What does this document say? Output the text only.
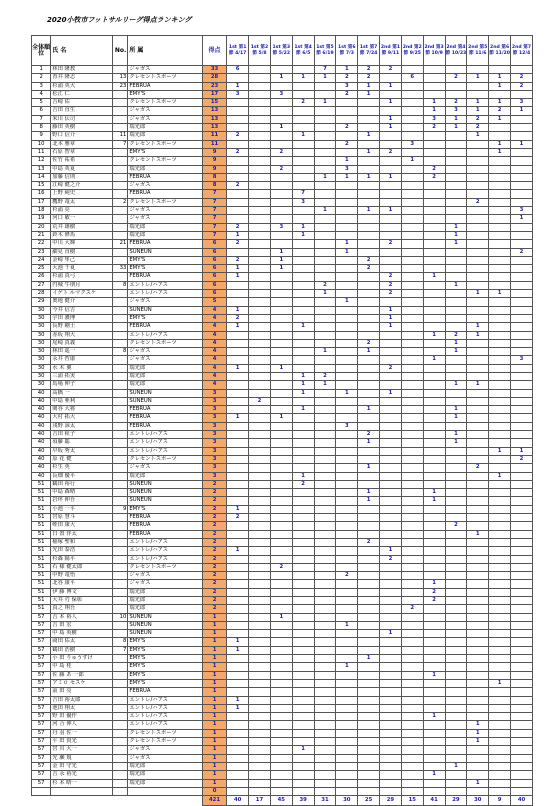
2020小牧市フットサルリーグ得点ランキング
全体順位	氏 名	No.	所 属	得点	1st 第1節 4/17	1st 第2節 5/8	1st 第3節 5/22	1st 第4節 6/5	1st 第5節 6/19	1st 第6節 7/3	1st 第7節 7/24	2nd 第1節 9/11	2nd 第2節 9/25	2nd 第3節 10/9	2nd 第4節 10/23	2nd 第5節 11/6	2nd 第6節 11/20	2nd 第7節 12/4
1	林田 隆教		ジャガス	33	6				7	1	2	2						
2	青井 隆志	13	クレセントスポーツ	28			1	1	1	2	2		6		2	1	1	2
3	杉浦 英大	23	FEBRUA	23	1					3	1	1					1	2
4	松江 仁		EMY'S	17	3		3			2	1							
5	吉崎 佑		クレセントスポーツ	15				2	1			1		1	2	1	1	3
6	吉田 直生		ジャガス	13										1	3	1	2	1
7	米川 伝司		ジャガス	13								1		3	1	2	1	
8	藤田 英樹		瑞光郎	13			1			2		1		2	1	2		
9	野口 信介	11	瑞光郎	11	2			1			1					1		
10	北本 雅章	7	クレセントスポーツ	11						2			3				1	1
11	石原 智章		EMY'S	9	2		2				1	2					1	
12	佐竹 祐希		クレセントスポーツ	9						1			1					
13	中島 英夏		瑞光郎	9			2			3				2				
14	加藤 信則		FEBRUA	8					1	1	1	1		2				
15	江崎 健之介		ジャガス	8	2													
16	上野 純史		FEBRUA	7				7										
17	鷹野 竜太	2	クレセントスポーツ	7				3								2		
18	杉浦 亮		ジャガス	7					1		1	1						3
19	河口 敏一		ジャガス	7														1
20	荒井 雄樹		瑞光郎	7	2		3	1							1			
21	鈴木 修馬		瑞光郎	7	1			1							1			
22	中川 大輝	21	FEBRUA	6	2					1		2			1			
23	細見 直樹		SUNEUN	6			1			1								2
24	金崎 隼己		EMY'S	6	2		1				2							
25	大池 千夏	33	EMY'S	6	1		1				2							
26	杉浦 真弓		FEBRUA	6	1							2		1				
27	円城 牛朋月	8	エントレ/ハアス	6					2			2			1			
28	イゲト ルマクスケ		エントレ/ハアス	6					1			2				1	1	
29	奥地 健介		ジャガス	5						1								
30	今井 信吉		SUNEUN	4	1							1						
30	宇田 護博		EMY'S	4	2							1						
30	長野 剛士		FEBRUA	4	1			1				1				1		
30	赤坂 翔大		エントレ/ハアス	4										1	2	1		
30	尾崎 真義		クレセントスポーツ	4							2				1			
30	林田 遥一	8	ジャガス	4					1		1				1			
30	永井 哲康		ジャガス	4										1				3
30	水 木 翼		瑞光郎	4	1		1					2						
30	三浦 拓実		瑞光郎	4				1	2									
30	馬場 伸子		瑞光郎	4				1	1						1	1		
40	高橋 一		SUNEUN	3				1		1		1						
40	中島 亜利		SUNEUN	3		2												
40	関谷 大将		FEBRUA	3				1			1				1			
40	大村 拓大		FEBRUA	3	1		1								1			
40	浅野 諒太		FEBRUA	3						3								
40	吉田 柾子		エントレ/ハアス	3							2				1			
40	須藤 聡		エントレ/ハアス	3							1				1			
40	早坂 秀太		エントレ/ハアス	3													1	1
40	原 花 健		クレセントスポーツ	3														2
40	杉生 英		ジャガス	3							1					2		
40	長畑 優平		瑞光郎	3				1									1	
51	鶴田 裕行		SUNEUN	2				2										
51	中島 森晴		SUNEUN	2							1			1				
51	岩坪 伸吾		SUNEUN	2							1			1				
51	小池 一平	9	EMY'S	2	1													
51	宮原 慧斗		FEBRUA	2	2													
51	蛭田 康大		FEBRUA	2											2			
51	日 置 伴太		FEBRUA	2												1		
51	稲塚 聖和		エントレ/ハアス	2							2							
51	光田 泰浩		エントレ/ハアス	2	1							1						
51	杉森 陽平		エントレ/ハアス	2								2						
51	石 様 健太郎		クレセントスポーツ	2			2											
51	中野 竜悟		ジャガス	2						2								
51	北谷 康平		ジャガス	2										1				
51	伊 藤 博文		瑞光郎	2										2				
51	大井 刃 保彰		瑞光郎	2										2				
51	真之 翔吾		瑞光郎	2									2					
57	吉 本 裕人	10	SUNEUN	1			1											
57	吉 田 宏		SUNEUN	1						1								
57	中 島 英樹		SUNEUN	1								1						
57	岡田 佑太	8	EMY'S	1	1													
57	鶴田 浩樹	7	EMY'S	1	1													
57	小 田 りゅうすけ		EMY'S	1							1							
57	中 島 桂		EMY'S	1						1								
57	佐 藤 あ 一郎		EMY'S	1										1				
57	アミロ セスケ		EMY'S	1													1	
57	前 田 亮		FEBRUA	1														
57	吉田 裕太郎		エントレ/ハアス	1	1													
57	池田 翔太		エントレ/ハアス	1	1													
57	野 田 優作		エントレ/ハアス	1										1				
57	河 合 伸人		エントレ/ハアス	1												1		
57	丹 羽 佐一		クレセントスポーツ	1												1		
57	平 田 貴光		クレセントスポーツ	1												1		
57	宮 川 大一		ジャガス	1				1										
57	光 瀬 規		ジャガス	1														
57	金 田 守光		瑞光郎	1											1			
57	吉 永 裕光		瑞光郎	1										1				
57	杉 本 晴一		瑞光郎	1												1		
				0														
				421	40	17	45	39	31	30	25	29	15	41	29	30	9	40
